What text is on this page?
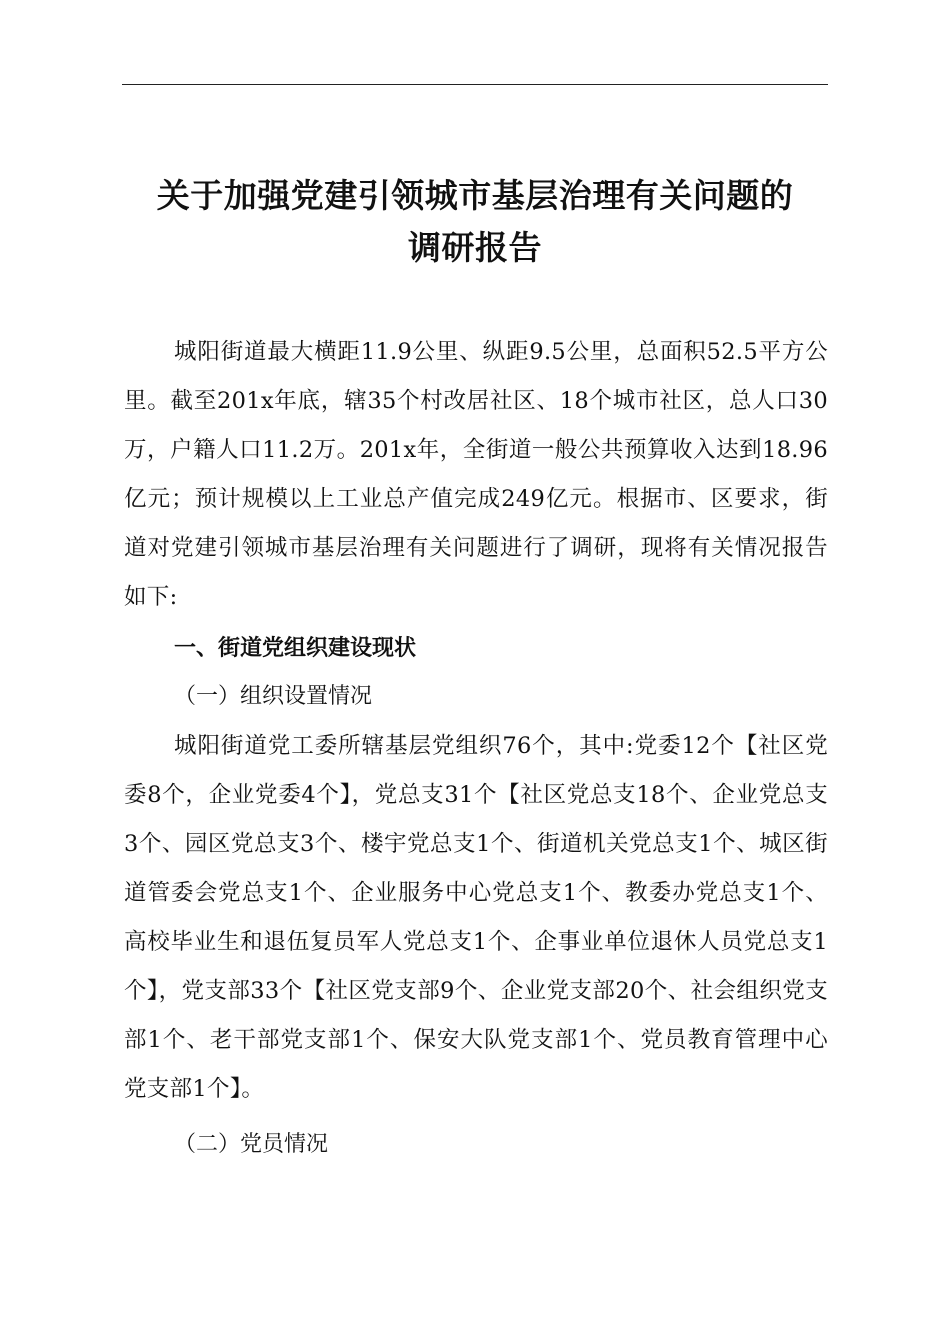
关于加强党建引领城市基层治理有关问题的
调研报告

城阳街道最大横距11.9公里、纵距9.5公里，总面积52.5平方公里。截至201x年底，辖35个村改居社区、18个城市社区，总人口30万，户籍人口11.2万。201x年，全街道一般公共预算收入达到18.96亿元；预计规模以上工业总产值完成249亿元。根据市、区要求，街道对党建引领城市基层治理有关问题进行了调研，现将有关情况报告如下:

一、街道党组织建设现状
（一）组织设置情况

城阳街道党工委所辖基层党组织76个，其中:党委12个【社区党委8个，企业党委4个】，党总支31个【社区党总支18个、企业党总支3个、园区党总支3个、楼宇党总支1个、街道机关党总支1个、城区街道管委会党总支1个、企业服务中心党总支1个、教委办党总支1个、高校毕业生和退伍复员军人党总支1个、企事业单位退休人员党总支1个】，党支部33个【社区党支部9个、企业党支部20个、社会组织党支部1个、老干部党支部1个、保安大队党支部1个、党员教育管理中心党支部1个】。

（二）党员情况
